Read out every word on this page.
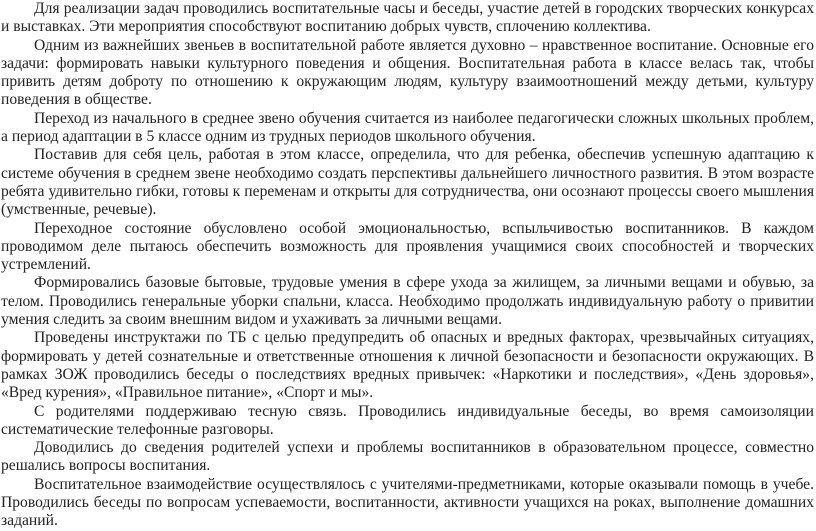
Для реализации задач проводились воспитательные часы и беседы, участие детей в городских творческих конкурсах и выставках. Эти мероприятия способствуют воспитанию добрых чувств, сплочению коллектива.

Одним из важнейших звеньев в воспитательной работе является духовно – нравственное воспитание. Основные его задачи: формировать навыки культурного поведения и общения. Воспитательная работа в классе велась так, чтобы привить детям доброту по отношению к окружающим людям, культуру взаимоотношений между детьми, культуру поведения в обществе.

Переход из начального в среднее звено обучения считается из наиболее педагогически сложных школьных проблем, а период адаптации в 5 классе одним из трудных периодов школьного обучения.

Поставив для себя цель, работая в этом классе, определила, что для ребенка, обеспечив успешную адаптацию к системе обучения в среднем звене необходимо создать перспективы дальнейшего личностного развития. В этом возрасте ребята удивительно гибки, готовы к переменам и открыты для сотрудничества, они осознают процессы своего мышления (умственные, речевые).

Переходное состояние обусловлено особой эмоциональностью, вспыльчивостью воспитанников. В каждом проводимом деле пытаюсь обеспечить возможность для проявления учащимися своих способностей и творческих устремлений.

Формировались базовые бытовые, трудовые умения в сфере ухода за жилищем, за личными вещами и обувью, за телом. Проводились генеральные уборки спальни, класса. Необходимо продолжать индивидуальную работу о привитии умения следить за своим внешним видом и ухаживать за личными вещами.

Проведены инструктажи по ТБ с целью предупредить об опасных и вредных факторах, чрезвычайных ситуациях, формировать у детей сознательные и ответственные отношения к личной безопасности и безопасности окружающих. В рамках ЗОЖ проводились беседы о последствиях вредных привычек: «Наркотики и последствия», «День здоровья», «Вред курения», «Правильное питание», «Спорт и мы».

С родителями поддерживаю тесную связь. Проводились индивидуальные беседы, во время самоизоляции систематические телефонные разговоры.

Доводились до сведения родителей успехи и проблемы воспитанников в образовательном процессе, совместно решались вопросы воспитания.

Воспитательное взаимодействие осуществлялось с учителями-предметниками, которые оказывали помощь в учебе. Проводились беседы по вопросам успеваемости, воспитанности, активности учащихся на роках, выполнение домашних заданий.
